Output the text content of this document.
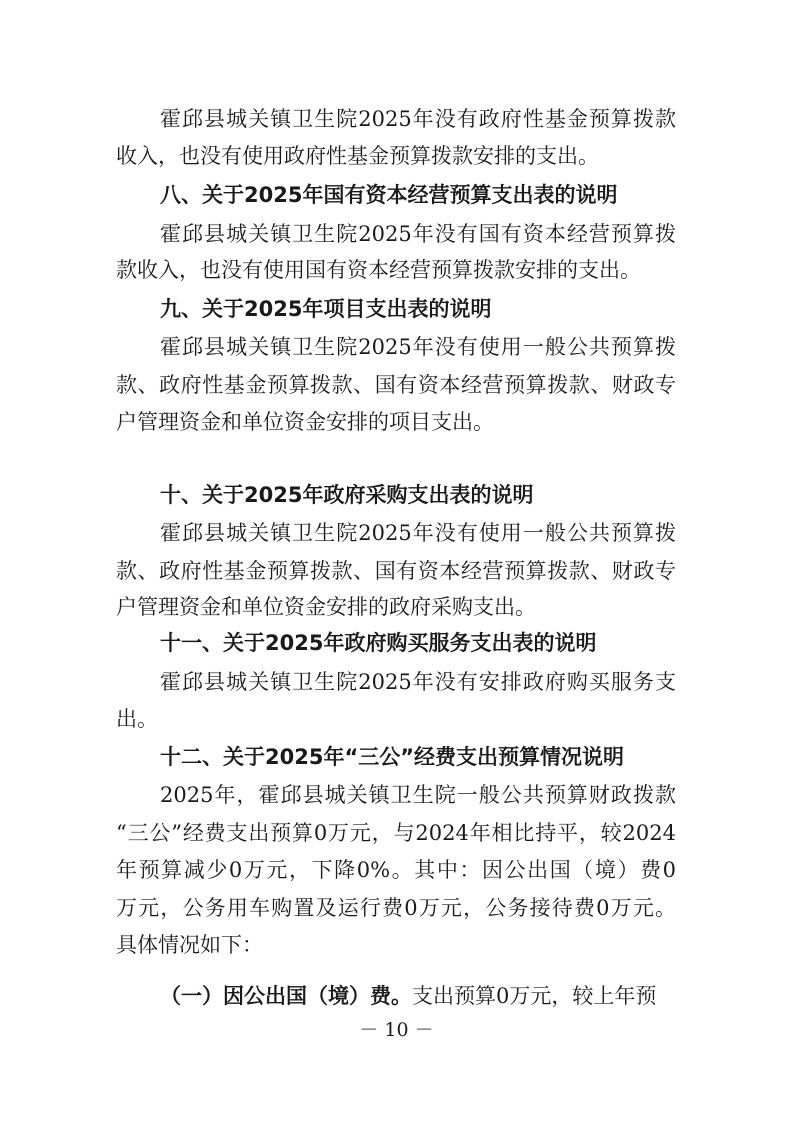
霍邱县城关镇卫生院2025年没有政府性基金预算拨款
收入，也没有使用政府性基金预算拨款安排的支出。
八、关于2025年国有资本经营预算支出表的说明
霍邱县城关镇卫生院2025年没有国有资本经营预算拨
款收入，也没有使用国有资本经营预算拨款安排的支出。
九、关于2025年项目支出表的说明
霍邱县城关镇卫生院2025年没有使用一般公共预算拨
款、政府性基金预算拨款、国有资本经营预算拨款、财政专
户管理资金和单位资金安排的项目支出。
十、关于2025年政府采购支出表的说明
霍邱县城关镇卫生院2025年没有使用一般公共预算拨
款、政府性基金预算拨款、国有资本经营预算拨款、财政专
户管理资金和单位资金安排的政府采购支出。
十一、关于2025年政府购买服务支出表的说明
霍邱县城关镇卫生院2025年没有安排政府购买服务支
出。
十二、关于2025年“三公”经费支出预算情况说明
2025年，霍邱县城关镇卫生院一般公共预算财政拨款
“三公”经费支出预算0万元，与2024年相比持平，较2024
年预算减少0万元，下降0%。其中：因公出国（境）费0
万元，公务用车购置及运行费0万元，公务接待费0万元。
具体情况如下：
（一）因公出国（境）费。支出预算0万元，较上年预
－ 10 －
